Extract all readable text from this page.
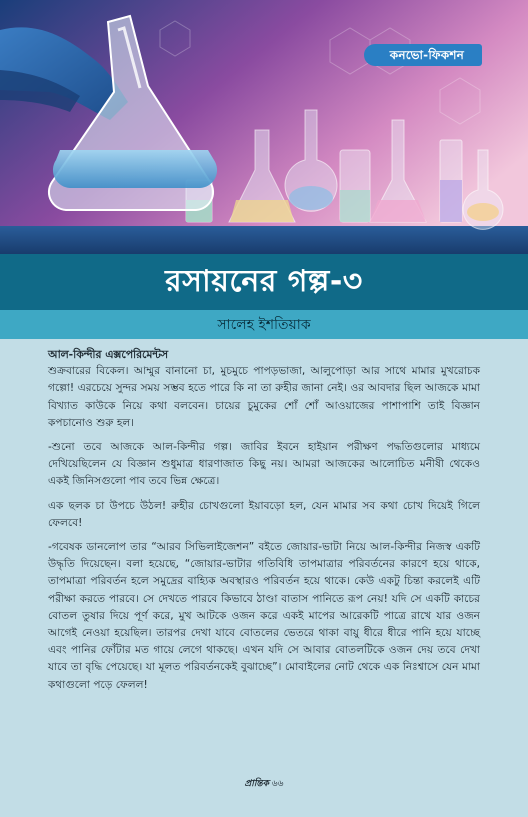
কনভো-ফিকশন
রসায়নের গল্প-৩
সালেহ ইশতিয়াক

আল-কিন্দীর এক্সপেরিমেন্টস

শুক্রবারের বিকেল। আম্মুর বানানো চা, মুচমুচে পাপড়ভাজা, আলুপোড়া আর সাথে মামার মুখরোচক গল্পো! এরচেয়ে সুন্দর সময় সম্ভব হতে পারে কি না তা রুহীর জানা নেই। ওর আবদার ছিল আজকে মামা বিখ্যাত কাউকে নিয়ে কথা বলবেন। চায়ের চুমুকের শোঁ শোঁ আওয়াজের পাশাপাশি তাই বিজ্ঞান কপচানোও শুরু হল।

-শুনো তবে আজকে আল-কিন্দীর গল্প। জাবির ইবনে হাইয়ান পরীক্ষণ পদ্ধতিগুলোর মাধ্যমে দেখিয়েছিলেন যে বিজ্ঞান শুধুমাত্র ধারণাজাত কিছু নয়। আমরা আজকের আলোচিত মনীষী থেকেও একই জিনিসগুলো পাব তবে ভিন্ন ক্ষেত্রে।

এক ছলক চা উপচে উঠল! রুহীর চোখগুলো ইয়াবড়ো হল, যেন মামার সব কথা চোখ দিয়েই গিলে ফেলবে!

-গবেষক ডানলোপ তার “আরব সিভিলাইজেশন” বইতে জোয়ার-ভাটা নিয়ে আল-কিন্দীর নিজস্ব একটি উদ্ধৃতি দিয়েছেন। বলা হয়েছে, “জোয়ার-ভাটার গতিবিধি তাপমাত্রার পরিবর্তনের কারণে হয়ে থাকে, তাপমাত্রা পরিবর্তন হলে সমুদ্রের বাহ্যিক অবস্থারও পরিবর্তন হয়ে থাকে। কেউ একটু চিন্তা করলেই এটি পরীক্ষা করতে পারবে। সে দেখতে পারবে কিভাবে ঠাণ্ডা বাতাস পানিতে রূপ নেয়! যদি সে একটি কাচের বোতল তুষার দিয়ে পূর্ণ করে, মুখ আটকে ওজন করে একই মাপের আরেকটি পাত্রে রাখে যার ওজন আগেই নেওয়া হয়েছিল। তারপর দেখা যাবে বোতলের ভেতরে থাকা বায়ু ধীরে ধীরে পানি হয়ে যাচ্ছে এবং পানির ফোঁটার মত গায়ে লেগে থাকছে। এখন যদি সে আবার বোতলটিকে ওজন দেয় তবে দেখা যাবে তা বৃদ্ধি পেয়েছে। যা মূলত পরিবর্তনকেই বুঝাচ্ছে”। মোবাইলের নোট থেকে এক নিঃশ্বাসে যেন মামা কথাগুলো পড়ে ফেলল!

প্রান্তিক ৬৬
